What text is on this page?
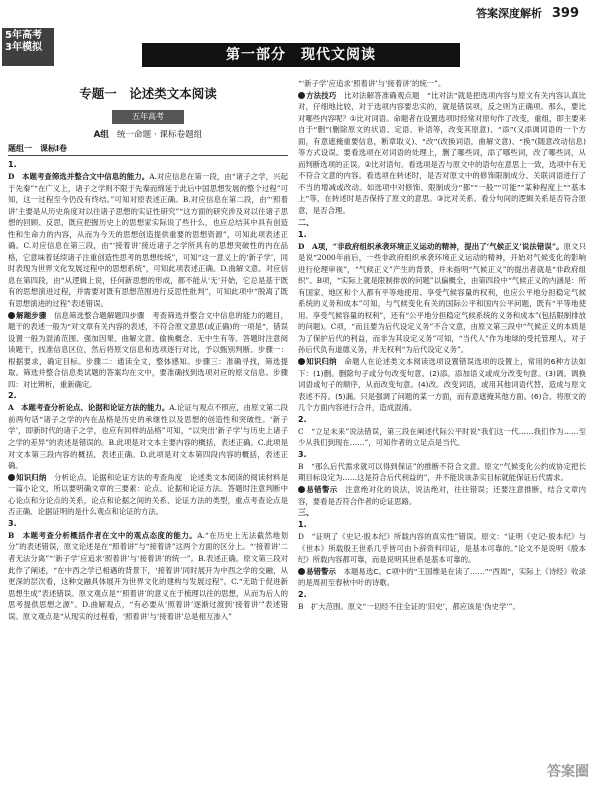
答案深度解析 399
5年高考
3年模拟	第一部分　现代文阅读
专题一　论述类文本阅读
五年高考
A组 统一命题 · 课标卷题组
题组一　课标Ⅰ卷
1.

D　本题考查筛选并整合文中信息的能力。A.对应信息在第一段，由“诸子之学，兴起于先秦”“在广义上，诸子之学则不限于先秦而绵延于此后中国思想发展的整个过程”可知，这一过程至今仍没有终结。”可知对原表述正确。B.对应信息在第二段，由“‘照着讲’主要是从历史角度对以往诸子思想的实证性研究”“这方面的研究涉及对以往诸子思想的回顾、反思，既应把握历史上的思想家实际说了些什么，也应总结其中具有创造性和生命力的内容，从而为今天的思想创造提供重要的思想资源”，可知此项表述正确。C.对应信息在第三段，由“‘接着讲’接近诸子之学所具有的思想突破性的内在品格，它意味着延续诸子注重创造性思考的思想传统”，可知“这一意义上的‘新子学’，同时表现为世界文化发展过程中的思想系统”，可知此项表述正确。D.曲解文意。对应信息在第四段，由“从逻辑上说，任何新思想的形成，都不能从‘无’开始，它总是基于既有的思想演进过程，并需要对既有思想范围进行反思性批判”，可知此项中“脱离了既有思想演进的过程”表述错误。

解题步骤　 信息筛选整合题解题四步骤　 考查筛选并整合文中信息的能力的题目，题干的表述一般为“对文章有关内容的表述，不符合原文意思(或正确)的一项是”，错误设置一般为混淆范围、强加因果、曲解文意、偷换概念、无中生有等。答题时注意阅读题干，找准信息区位，然后将原文信息和选项逐行对比，予以甄别判断。步骤一：根据要求，确定目标。步骤二：通读全文，整体感知。步骤三：准确寻找，筛选提取。筛选并整合信息类试题的答案均在文中，要准确找到选项对应的原文信息。步骤四：对比辨析，重新确定。

2.

A　本题考查分析论点、论据和论证方法的能力。A.论证与观点不照应，由原文第二段前两句话“诸子之学的内在品格是历史的承继性以及思想的创造性和突破性。‘新子学’，即新时代的诸子之学，也应有同样的品格”可知，“以突出‘新子学’与历史上诸子之学的差异”的表述是错误的。B.此项是对文本主要内容的概括，表述正确。C.此项是对文本第三段内容的概括，表述正确。D.此项是对文本第四段内容的概括，表述正确。

知识归纳　 分析论点、论据和论证方法的考查角度　 论述类文本阅读的阅读材料是一篇小论文，所以要明确文章的三要素：论点、论据和论证方法。答题时注意判断中心论点和分论点的关系，论点和论据之间的关系、论证方法的类型，重点考查论点是否正确、论据证明的是什么观点和论证的方法。

3.

B　本题考查分析概括作者在文中的观点态度的能力。A.“在历史上无法截然地划分”的表述错误，原文论述是在“照着讲”与“接着讲”这两个方面的区分上。“‘接着讲’二者无法分离”“‘新子学’应追求‘照着讲’与‘接着讲’的统一”。B.表述正确。原文第三段对此作了阐述，“在中西之学已相遇的背景下，‘接着讲’同时展开为中西之学的交融，从更深的层次看，这种交融具体展开为世界文化的建构与发展过程”。C.“无助于促进新思想生成”表述错误。原文观点是“‘照着讲’的意义在于梳理以往的思想，从而为后人的思考提供思想之源”。D.曲解观点，“有必要从‘照着讲’逐渐过渡到‘接着讲’”表述错误。原文观点是“从现实的过程看，‘照着讲’与‘接着讲’总是相互渗入”

“‘新子学’应追求‘照着讲’与‘接着讲’的统一”。

方法技巧　 比对法解答准确观点题　 “比对法”就是把选项内容与原文有关内容认真比对，仔细地比较，对于选项内容要忠实的，就是错误项，反之则为正确项。那么，要比对哪些内容呢？①比对词语。命题者在设置选项时经常对原句作了改变，重组，即主要来自于“删”(删除原文的状语、定语、补语等，改变其原意)、“添”(又添调词语的一个方面，有意遮掩重要信息，断章取义)、“改”(改换词语，曲解文意)、“换”(随意改动信息)等方式设误。要看选项在对词语的处理上，删了哪些词，添了哪些词，改了哪些词，从而判断选项的正误。②比对语句。看选项是否与原文中的语句在意思上一致，选项中有无不符合文意的内容。看选项在转述时，是否对原文中的修饰限制成分、关联词语进行了不当的增减或改动。如选项中对修饰、限制成分“都”“一般”“可能”“某种程度上”“基本上”等，在转述时是否保持了原文的意思。③比对关系。看分句间的逻辑关系是否符合原意，是否合理。

二、
1.

D　A项，“非政府组织承袭环境正义运动的精神，提出了‘气候正义’说法错误”。原文只是说“2000年前后，一些非政府组织承袭环境正义运动的精神，开始对气候变化的影响进行伦理审视”，“气候正义”产生的背景，并未指明“气候正义”的提出者就是“非政府组织”。B项，“实际上就是限制排放的问题”以偏概全，由第四段中“气候正义的内涵是：所有国家、地区和个人都有平等地使用、享受气候容量的权利，也应公平地分担稳定气候系统的义务和成本”可知，与气候变化有关的国际公平和国内公平问题，既有“平等地使用、享受气候容量的权利”，还有“公平地分担稳定气候系统的义务和成本”(包括限制排放的问题)。C项，“而且要为后代设定义务”不合文意，由原文第三段中“气候正义的本质是为了保护后代的利益，而非为其设定义务”可知，“当代人”作为地球的受托管理人，对子孙后代负有道德义务，并无权利“为后代设定义务”。

知识归纳　 命题人在论述类文本阅读选项设置错误选项的设置上，常用的6种方法如下：(1)删。删除句子或分句改变句意。(2)添。添加语义或成分改变句意。(3)调。调换词语或句子的顺序，从而改变句意。(4)改。改变词语，或用其他词语代替，造成与原文表述不符。(5)漏。只是强调了问题的某一方面，而有意遮掩其他方面。(6)合。将原文的几个方面内容进行合并，造成混淆。

2.

C　“立足未来”说法错误，第三段在阐述代际公平时说“我们这一代……我们作为……至少从我们到现在……”，可知作者的立足点是当代。

3.

B　“那么后代需求就可以得到保证”的推断不符合文意。原文“气候变化公约成协定把长期目标设定为……这是符合后代利益的”，并不能说该条实目标就能保证后代需求。

易错警示　 注意绝对化的说法，说法绝对，往往错误；还要注意推断，结合文章内容，要看是否符合作者的论证思路。

三、
1.

D　“证明了《史记·殷本纪》所载内容的真实性”错误。原文：“证明《史记·殷本纪》与《世本》所载殷王世系几乎皆可由卜辞资料印证，是基本可靠的。”论文不是说明《殷本纪》所载内容都可靠，而是说明其世系是基本可靠的。

易错警示　 本题易选C。C项中的“王国维是在读了……”“西周”，实际上《诗经》收录的是周初至春秋中叶的诗歌。

2.

B　扩大范围。原文“一切经不住全证的‘旧史’，都应该是‘伪史学’”。

答案圈
